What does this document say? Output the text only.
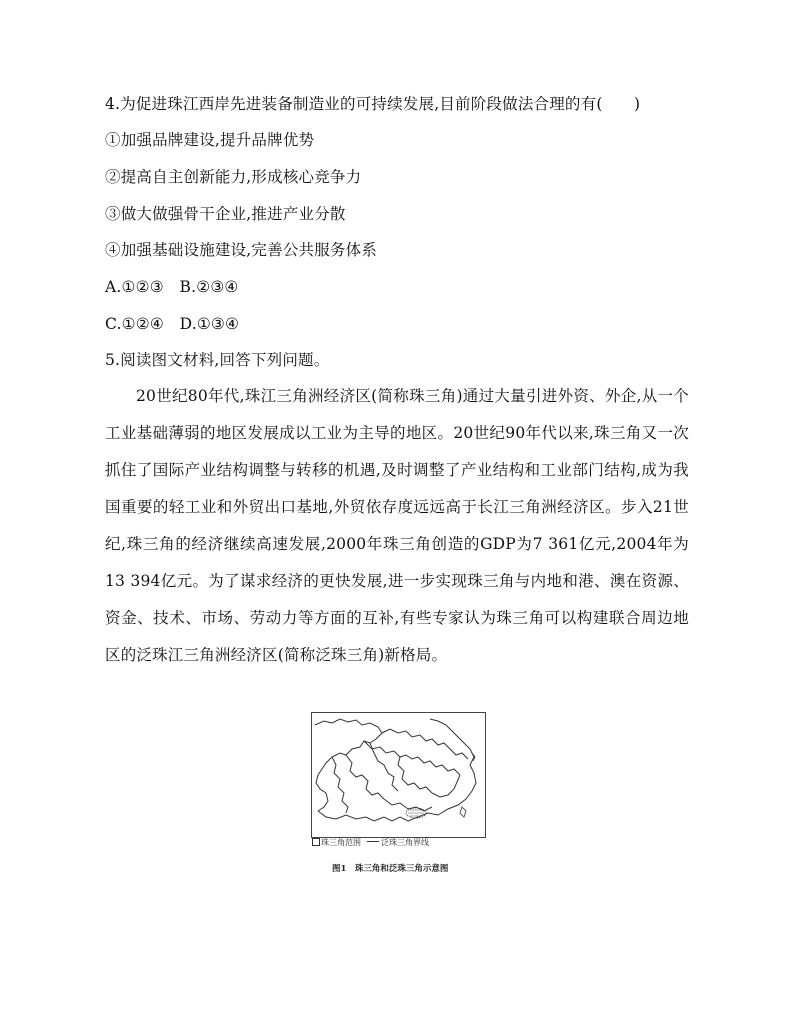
4.为促进珠江西岸先进装备制造业的可持续发展,目前阶段做法合理的有(　　)
①加强品牌建设,提升品牌优势
②提高自主创新能力,形成核心竞争力
③做大做强骨干企业,推进产业分散
④加强基础设施建设,完善公共服务体系
A.①②③　B.②③④
C.①②④　D.①③④
5.阅读图文材料,回答下列问题。
20世纪80年代,珠江三角洲经济区(简称珠三角)通过大量引进外资、外企,从一个工业基础薄弱的地区发展成以工业为主导的地区。20世纪90年代以来,珠三角又一次抓住了国际产业结构调整与转移的机遇,及时调整了产业结构和工业部门结构,成为我国重要的轻工业和外贸出口基地,外贸依存度远远高于长江三角洲经济区。步入21世纪,珠三角的经济继续高速发展,2000年珠三角创造的GDP为7 361亿元,2004年为13 394亿元。为了谋求经济的更快发展,进一步实现珠三角与内地和港、澳在资源、资金、技术、市场、劳动力等方面的互补,有些专家认为珠三角可以构建联合周边地区的泛珠江三角洲经济区(简称泛珠三角)新格局。
珠三角范围	泛珠三角界线
图1　珠三角和泛珠三角示意图
